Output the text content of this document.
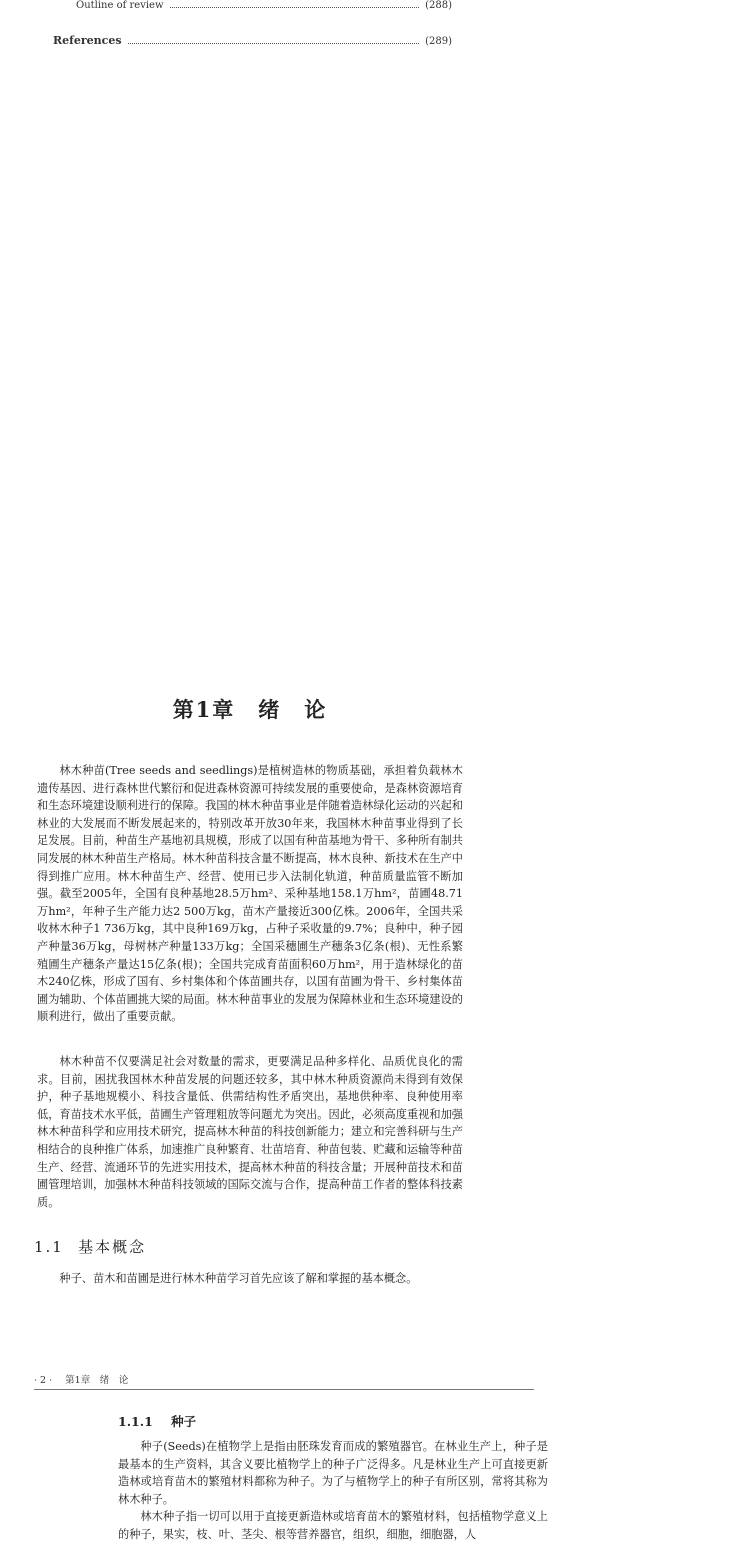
Outline of review	(288)
References	(289)
第1章　绪　论

林木种苗(Tree seeds and seedlings)是植树造林的物质基础，承担着负载林木遗传基因、进行森林世代繁衍和促进森林资源可持续发展的重要使命，是森林资源培育和生态环境建设顺利进行的保障。我国的林木种苗事业是伴随着造林绿化运动的兴起和林业的大发展而不断发展起来的，特别改革开放30年来，我国林木种苗事业得到了长足发展。目前，种苗生产基地初具规模，形成了以国有种苗基地为骨干、多种所有制共同发展的林木种苗生产格局。林木种苗科技含量不断提高，林木良种、新技术在生产中得到推广应用。林木种苗生产、经营、使用已步入法制化轨道，种苗质量监管不断加强。截至2005年，全国有良种基地28.5万hm²、采种基地158.1万hm²，苗圃48.71万hm²，年种子生产能力达2 500万kg，苗木产量接近300亿株。2006年，全国共采收林木种子1 736万kg，其中良种169万kg，占种子采收量的9.7%；良种中，种子园产种量36万kg，母树林产种量133万kg；全国采穗圃生产穗条3亿条(根)、无性系繁殖圃生产穗条产量达15亿条(根)；全国共完成育苗面积60万hm²，用于造林绿化的苗木240亿株，形成了国有、乡村集体和个体苗圃共存，以国有苗圃为骨干、乡村集体苗圃为辅助、个体苗圃挑大梁的局面。林木种苗事业的发展为保障林业和生态环境建设的顺利进行，做出了重要贡献。

林木种苗不仅要满足社会对数量的需求，更要满足品种多样化、品质优良化的需求。目前，困扰我国林木种苗发展的问题还较多，其中林木种质资源尚未得到有效保护，种子基地规模小、科技含量低、供需结构性矛盾突出，基地供种率、良种使用率低，育苗技术水平低，苗圃生产管理粗放等问题尤为突出。因此，必须高度重视和加强林木种苗科学和应用技术研究，提高林木种苗的科技创新能力；建立和完善科研与生产相结合的良种推广体系，加速推广良种繁育、壮苗培育、种苗包装、贮藏和运输等种苗生产、经营、流通环节的先进实用技术，提高林木种苗的科技含量；开展种苗技术和苗圃管理培训，加强林木种苗科技领域的国际交流与合作，提高种苗工作者的整体科技素质。

1.1 基本概念

种子、苗木和苗圃是进行林木种苗学习首先应该了解和掌握的基本概念。

· 2 · 第1章　绪　论
1.1.1 种子

种子(Seeds)在植物学上是指由胚珠发育而成的繁殖器官。在林业生产上，种子是最基本的生产资料，其含义要比植物学上的种子广泛得多。凡是林业生产上可直接更新造林或培育苗木的繁殖材料都称为种子。为了与植物学上的种子有所区别，常将其称为林木种子。

林木种子指一切可以用于直接更新造林或培育苗木的繁殖材料，包括植物学意义上的种子，果实，枝、叶、茎尖、根等营养器官，组织，细胞，细胞器，人
